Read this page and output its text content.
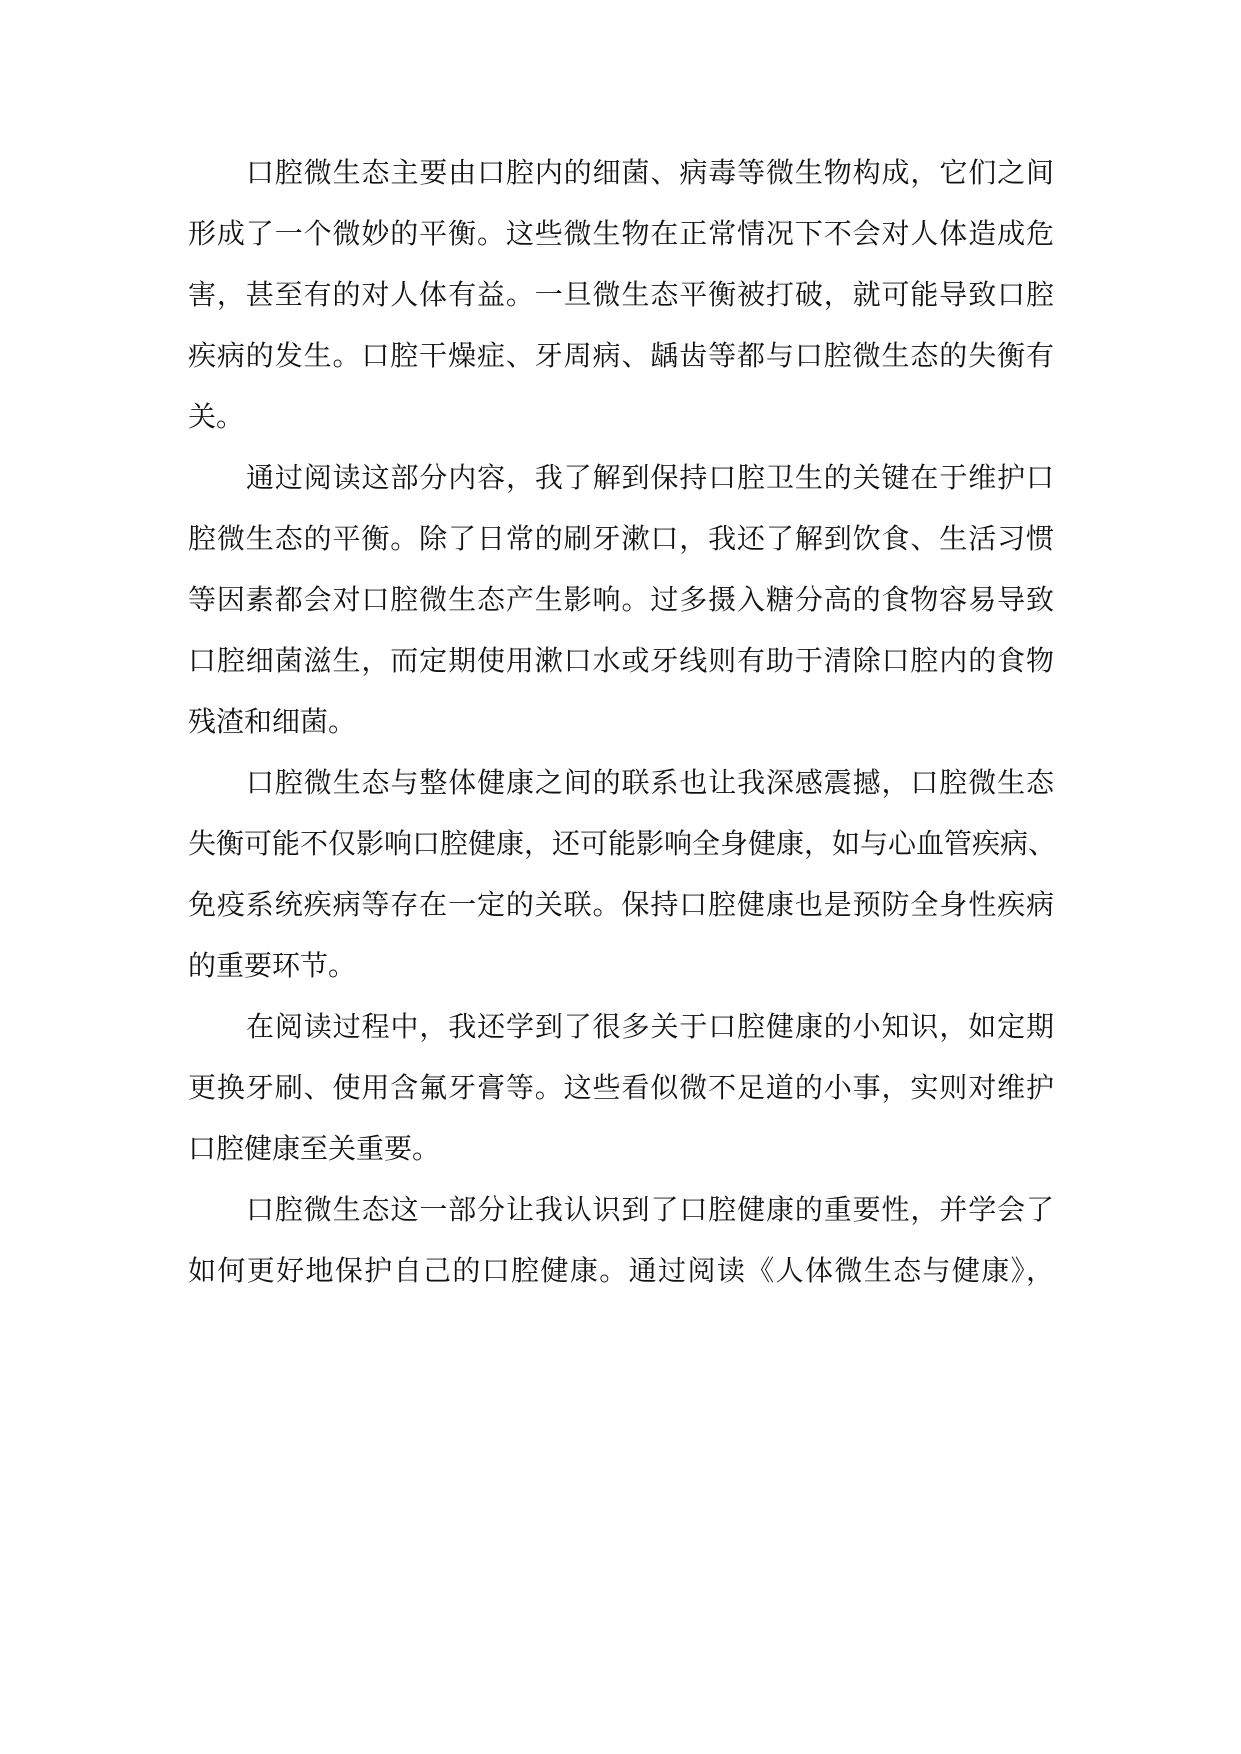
口腔微生态主要由口腔内的细菌、病毒等微生物构成，它们之间
形成了一个微妙的平衡。这些微生物在正常情况下不会对人体造成危
害，甚至有的对人体有益。一旦微生态平衡被打破，就可能导致口腔
疾病的发生。口腔干燥症、牙周病、龋齿等都与口腔微生态的失衡有
关。
通过阅读这部分内容，我了解到保持口腔卫生的关键在于维护口
腔微生态的平衡。除了日常的刷牙漱口，我还了解到饮食、生活习惯
等因素都会对口腔微生态产生影响。过多摄入糖分高的食物容易导致
口腔细菌滋生，而定期使用漱口水或牙线则有助于清除口腔内的食物
残渣和细菌。
口腔微生态与整体健康之间的联系也让我深感震撼，口腔微生态
失衡可能不仅影响口腔健康，还可能影响全身健康，如与心血管疾病、
免疫系统疾病等存在一定的关联。保持口腔健康也是预防全身性疾病
的重要环节。
在阅读过程中，我还学到了很多关于口腔健康的小知识，如定期
更换牙刷、使用含氟牙膏等。这些看似微不足道的小事，实则对维护
口腔健康至关重要。
口腔微生态这一部分让我认识到了口腔健康的重要性，并学会了
如何更好地保护自己的口腔健康。通过阅读《人体微生态与健康》，
